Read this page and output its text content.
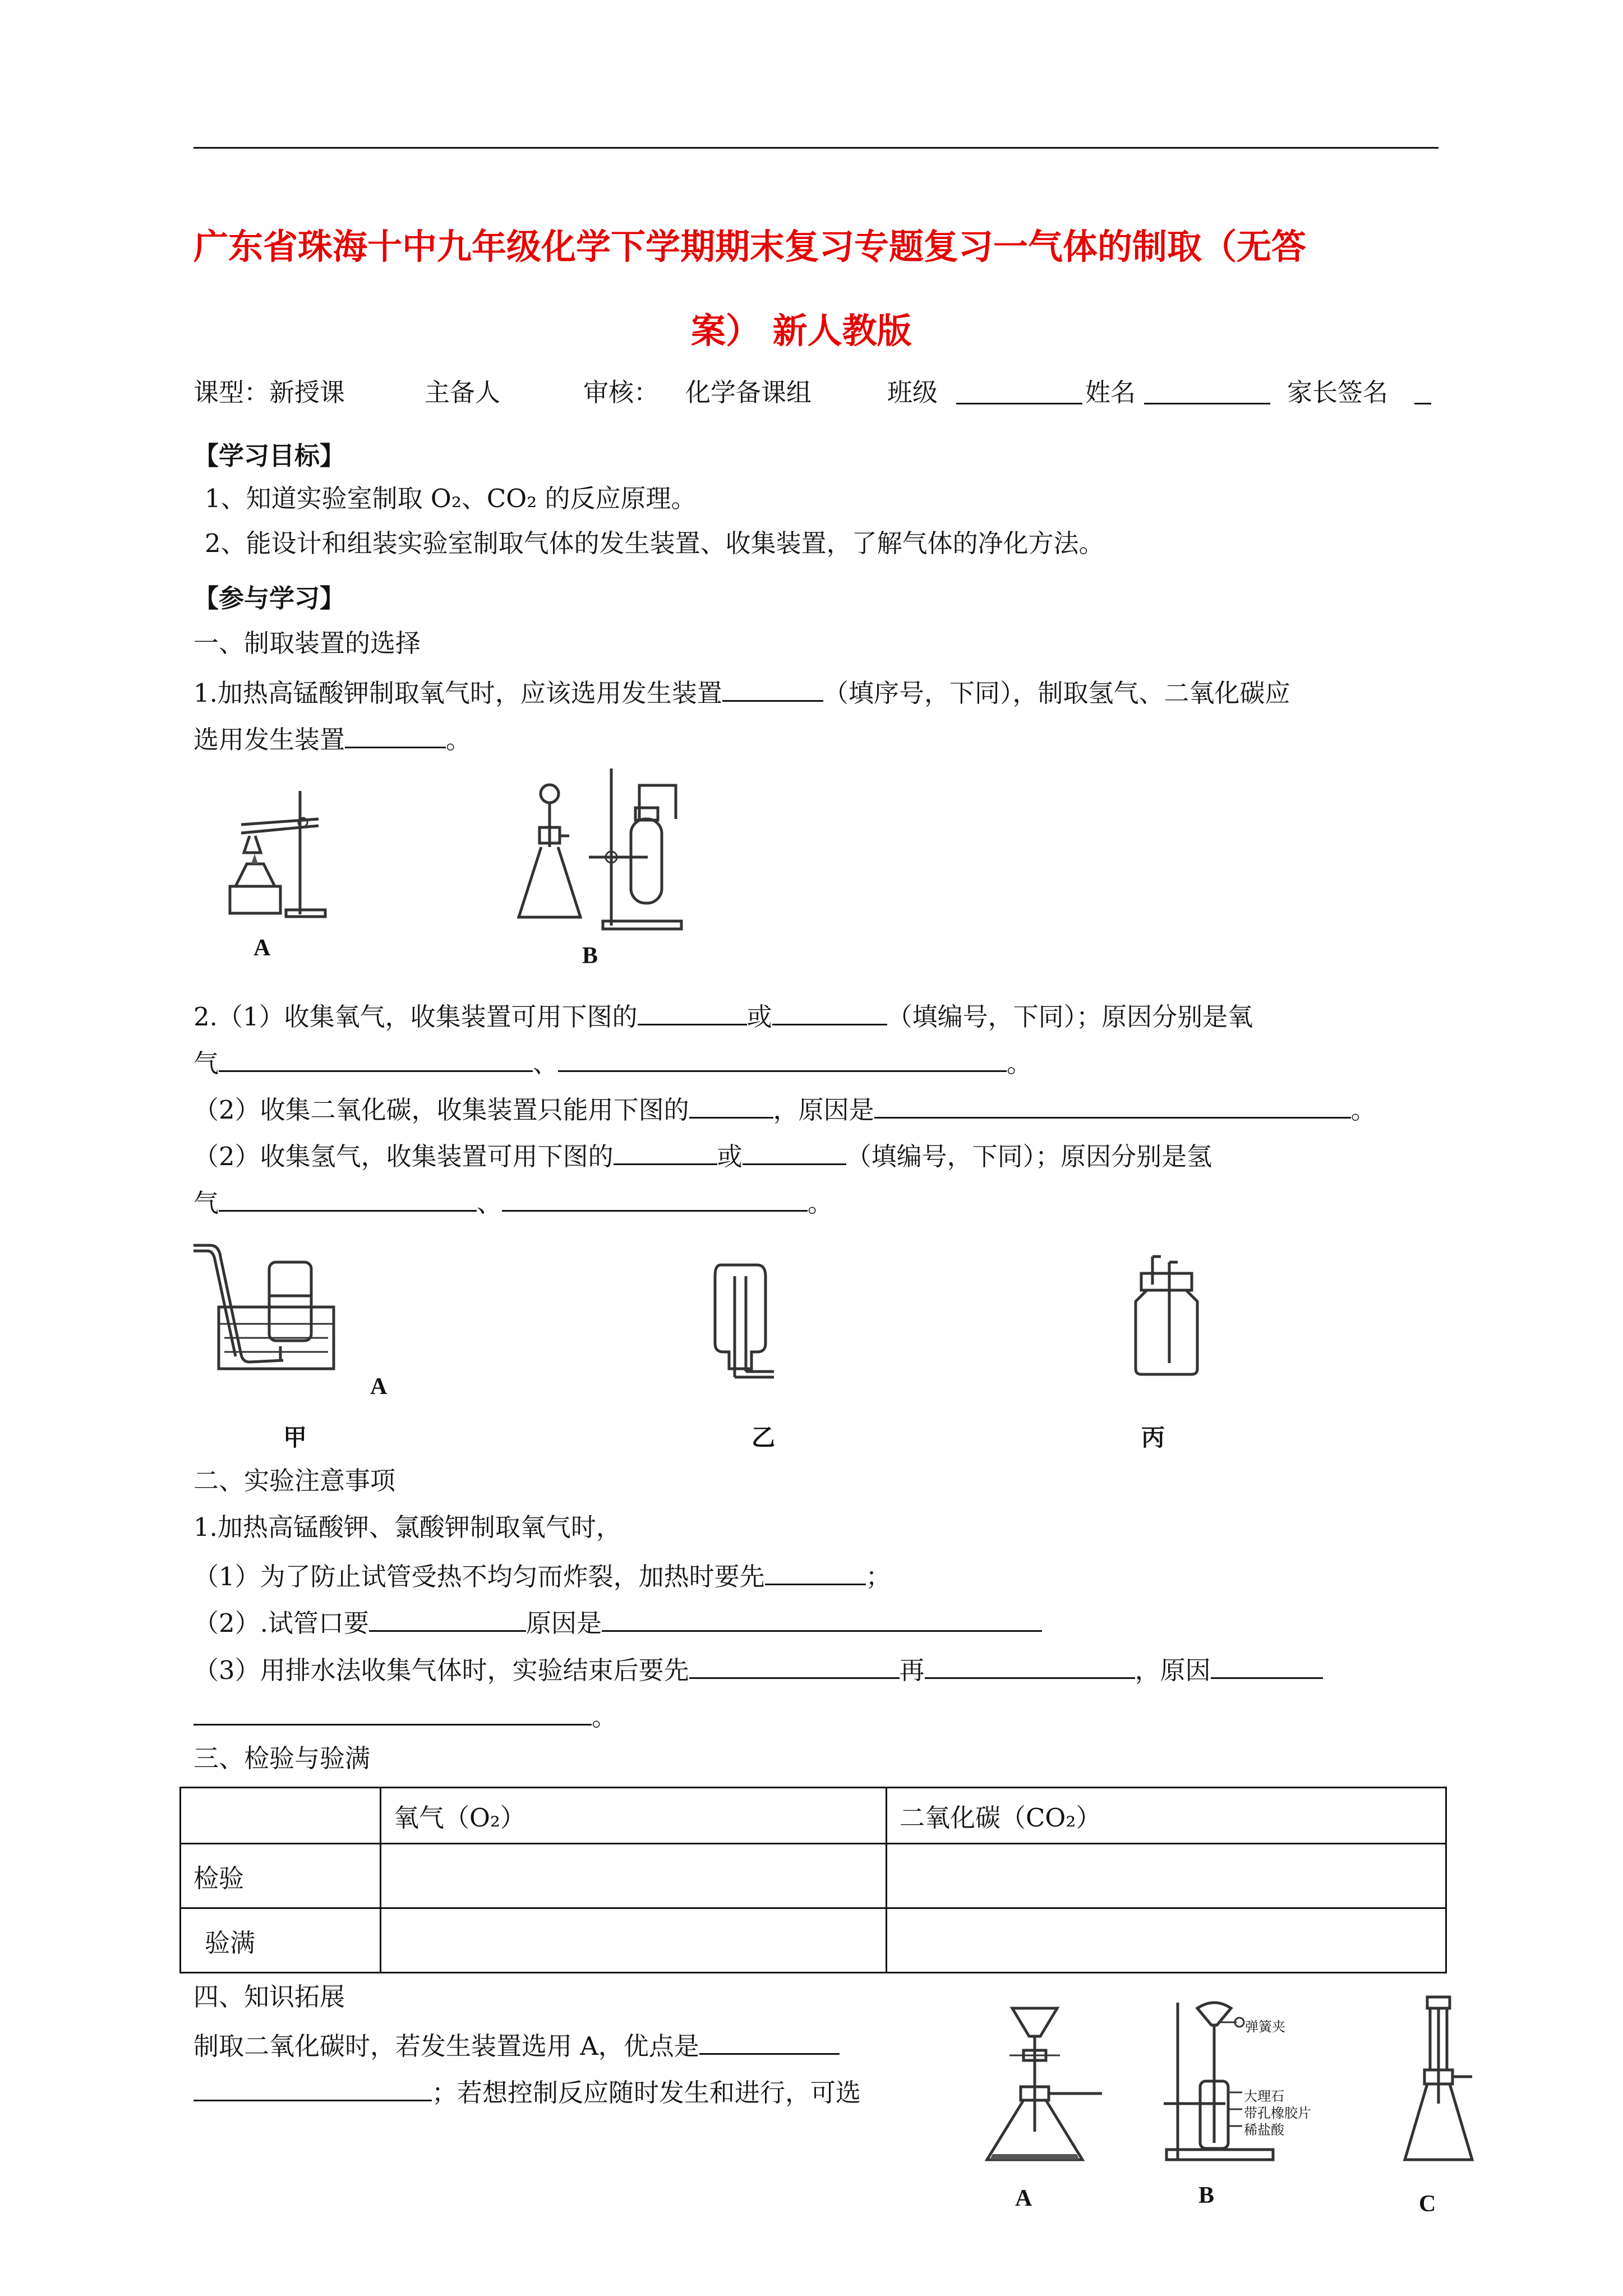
广东省珠海十中九年级化学下学期期末复习专题复习一气体的制取（无答
案） 新人教版
课型：新授课	主备人	审核： 化学备课组	班级	姓名	家长签名
【学习目标】
1、知道实验室制取 O₂、CO₂ 的反应原理。
2、能设计和组装实验室制取气体的发生装置、收集装置，了解气体的净化方法。
【参与学习】
一、制取装置的选择
1.加热高锰酸钾制取氧气时，应该选用发生装置	（填序号，下同），制取氢气、二氧化碳应
选用发生装置	。
A	B
2.（1）收集氧气，收集装置可用下图的	或	（填编号，下同）；原因分别是氧
气	、	。
（2）收集二氧化碳，收集装置只能用下图的	，原因是	。
（2）收集氢气，收集装置可用下图的	或	（填编号，下同）；原因分别是氢
气	、	。
A
甲	乙	丙
二、实验注意事项
1.加热高锰酸钾、氯酸钾制取氧气时，
（1）为了防止试管受热不均匀而炸裂，加热时要先	；
（2）.试管口要	原因是
（3）用排水法收集气体时，实验结束后要先	再	，原因
。
三、检验与验满
	氧气（O₂）	二氧化碳（CO₂）
检验		
验满		
四、知识拓展
制取二氧化碳时，若发生装置选用 A，优点是
；若想控制反应随时发生和进行，可选
A
弹簧夹
大理石
带孔橡胶片
稀盐酸
B	C
